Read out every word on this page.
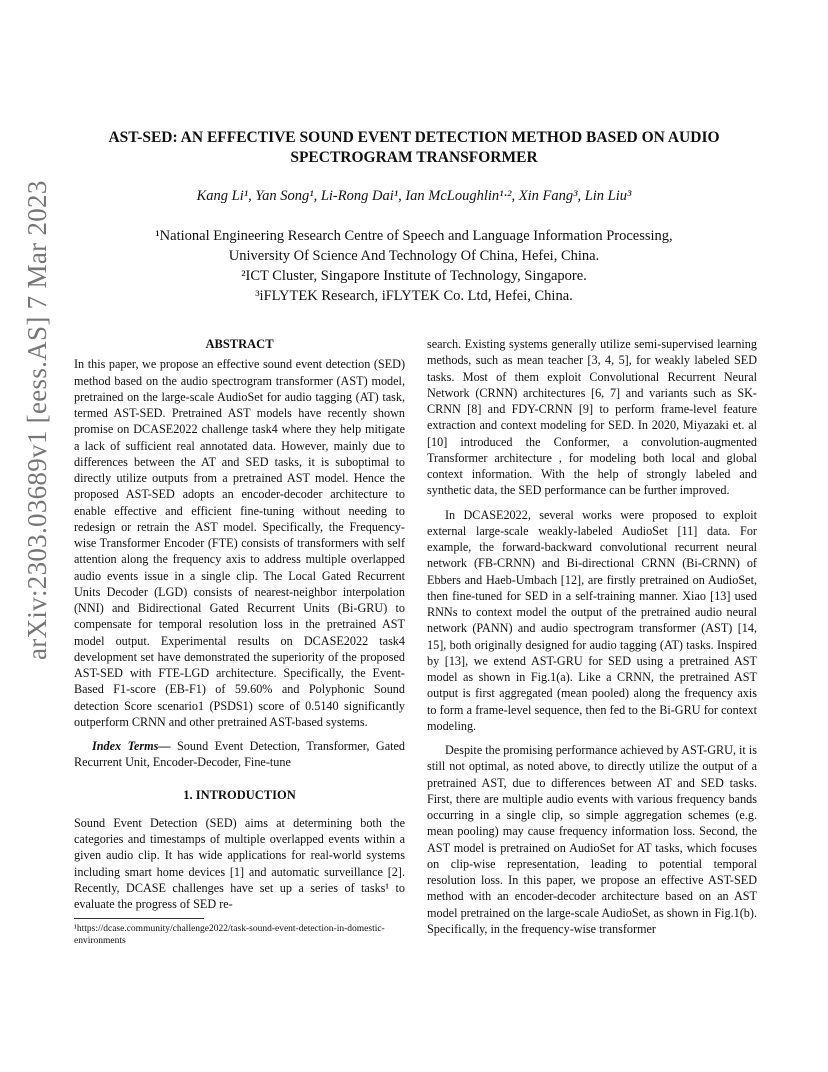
arXiv:2303.03689v1 [eess.AS] 7 Mar 2023
AST-SED: AN EFFECTIVE SOUND EVENT DETECTION METHOD BASED ON AUDIO SPECTROGRAM TRANSFORMER
Kang Li¹, Yan Song¹, Li-Rong Dai¹, Ian McLoughlin¹·², Xin Fang³, Lin Liu³
¹National Engineering Research Centre of Speech and Language Information Processing,
University Of Science And Technology Of China, Hefei, China.
²ICT Cluster, Singapore Institute of Technology, Singapore.
³iFLYTEK Research, iFLYTEK Co. Ltd, Hefei, China.
ABSTRACT

In this paper, we propose an effective sound event detection (SED) method based on the audio spectrogram transformer (AST) model, pretrained on the large-scale AudioSet for audio tagging (AT) task, termed AST-SED. Pretrained AST models have recently shown promise on DCASE2022 challenge task4 where they help mitigate a lack of sufficient real annotated data. However, mainly due to differences between the AT and SED tasks, it is suboptimal to directly utilize outputs from a pretrained AST model. Hence the proposed AST-SED adopts an encoder-decoder architecture to enable effective and efficient fine-tuning without needing to redesign or retrain the AST model. Specifically, the Frequency-wise Transformer Encoder (FTE) consists of transformers with self attention along the frequency axis to address multiple overlapped audio events issue in a single clip. The Local Gated Recurrent Units Decoder (LGD) consists of nearest-neighbor interpolation (NNI) and Bidirectional Gated Recurrent Units (Bi-GRU) to compensate for temporal resolution loss in the pretrained AST model output. Experimental results on DCASE2022 task4 development set have demonstrated the superiority of the proposed AST-SED with FTE-LGD architecture. Specifically, the Event-Based F1-score (EB-F1) of 59.60% and Polyphonic Sound detection Score scenario1 (PSDS1) score of 0.5140 significantly outperform CRNN and other pretrained AST-based systems.

Index Terms— Sound Event Detection, Transformer, Gated Recurrent Unit, Encoder-Decoder, Fine-tune

1. INTRODUCTION

Sound Event Detection (SED) aims at determining both the categories and timestamps of multiple overlapped events within a given audio clip. It has wide applications for real-world systems including smart home devices [1] and automatic surveillance [2]. Recently, DCASE challenges have set up a series of tasks¹ to evaluate the progress of SED re-

¹https://dcase.community/challenge2022/task-sound-event-detection-in-domestic-environments

search. Existing systems generally utilize semi-supervised learning methods, such as mean teacher [3, 4, 5], for weakly labeled SED tasks. Most of them exploit Convolutional Recurrent Neural Network (CRNN) architectures [6, 7] and variants such as SK-CRNN [8] and FDY-CRNN [9] to perform frame-level feature extraction and context modeling for SED. In 2020, Miyazaki et. al [10] introduced the Conformer, a convolution-augmented Transformer architecture , for modeling both local and global context information. With the help of strongly labeled and synthetic data, the SED performance can be further improved.

In DCASE2022, several works were proposed to exploit external large-scale weakly-labeled AudioSet [11] data. For example, the forward-backward convolutional recurrent neural network (FB-CRNN) and Bi-directional CRNN (Bi-CRNN) of Ebbers and Haeb-Umbach [12], are firstly pretrained on AudioSet, then fine-tuned for SED in a self-training manner. Xiao [13] used RNNs to context model the output of the pretrained audio neural network (PANN) and audio spectrogram transformer (AST) [14, 15], both originally designed for audio tagging (AT) tasks. Inspired by [13], we extend AST-GRU for SED using a pretrained AST model as shown in Fig.1(a). Like a CRNN, the pretrained AST output is first aggregated (mean pooled) along the frequency axis to form a frame-level sequence, then fed to the Bi-GRU for context modeling.

Despite the promising performance achieved by AST-GRU, it is still not optimal, as noted above, to directly utilize the output of a pretrained AST, due to differences between AT and SED tasks. First, there are multiple audio events with various frequency bands occurring in a single clip, so simple aggregation schemes (e.g. mean pooling) may cause frequency information loss. Second, the AST model is pretrained on AudioSet for AT tasks, which focuses on clip-wise representation, leading to potential temporal resolution loss. In this paper, we propose an effective AST-SED method with an encoder-decoder architecture based on an AST model pretrained on the large-scale AudioSet, as shown in Fig.1(b). Specifically, in the frequency-wise transformer
